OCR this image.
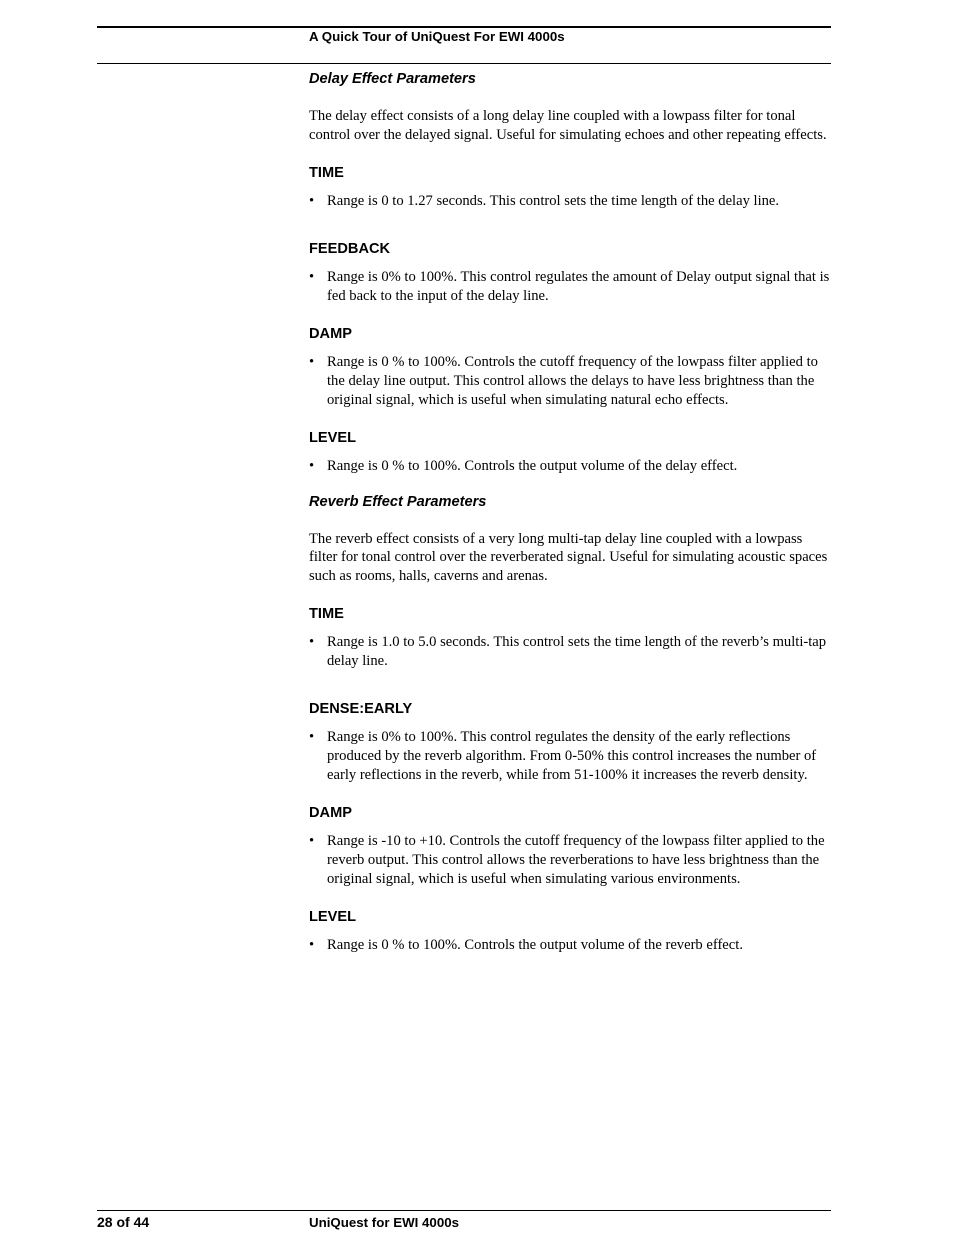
A Quick Tour of UniQuest For EWI 4000s

Delay Effect Parameters

The delay effect consists of a long delay line coupled with a lowpass filter for tonal control over the delayed signal. Useful for simulating echoes and other repeating effects.

TIME

• Range is 0 to 1.27 seconds. This control sets the time length of the delay line.

FEEDBACK

• Range is 0% to 100%. This control regulates the amount of Delay output signal that is fed back to the input of the delay line.

DAMP

• Range is 0 % to 100%. Controls the cutoff frequency of the lowpass filter applied to the delay line output. This control allows the delays to have less brightness than the original signal, which is useful when simulating natural echo effects.

LEVEL

• Range is 0 % to 100%. Controls the output volume of the delay effect.

Reverb Effect Parameters

The reverb effect consists of a very long multi-tap delay line coupled with a lowpass filter for tonal control over the reverberated signal. Useful for simulating acoustic spaces such as rooms, halls, caverns and arenas.

TIME

• Range is 1.0 to 5.0 seconds. This control sets the time length of the reverb’s multi-tap delay line.

DENSE:EARLY

• Range is 0% to 100%. This control regulates the density of the early reflections produced by the reverb algorithm. From 0-50% this control increases the number of early reflections in the reverb, while from 51-100% it increases the reverb density.

DAMP

• Range is -10 to +10. Controls the cutoff frequency of the lowpass filter applied to the reverb output. This control allows the reverberations to have less brightness than the original signal, which is useful when simulating various environments.

LEVEL

• Range is 0 % to 100%. Controls the output volume of the reverb effect.

28 of 44	UniQuest for EWI 4000s
